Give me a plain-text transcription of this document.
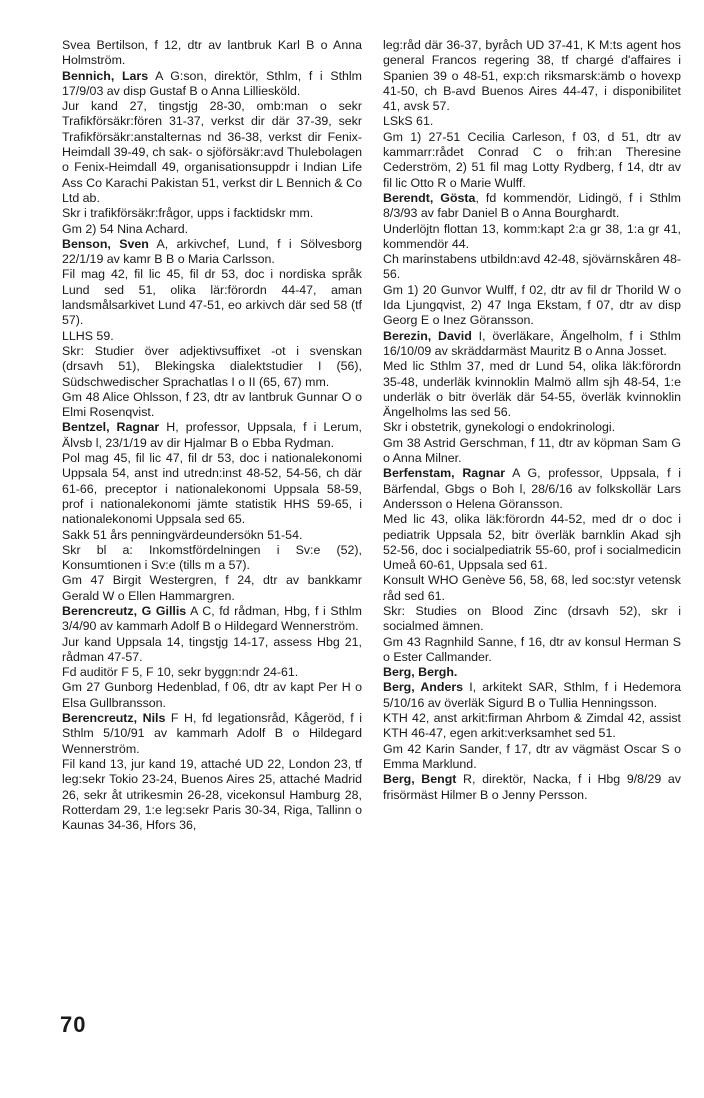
Svea Bertilson, f 12, dtr av lantbruk Karl B o Anna Holmström.

Bennich, Lars A G:son, direktör, Sthlm, f i Sthlm 17/9/03 av disp Gustaf B o Anna Lilliesköld.

Jur kand 27, tingstjg 28-30, omb:man o sekr Trafikförsäkr:fören 31-37, verkst dir där 37-39, sekr Trafikförsäkr:anstalternas nd 36-38, verkst dir Fenix-Heimdall 39-49, ch sak- o sjöförsäkr:avd Thulebolagen o Fenix-Heimdall 49, organisationsuppdr i Indian Life Ass Co Karachi Pakistan 51, verkst dir L Bennich & Co Ltd ab.

Skr i trafikförsäkr:frågor, upps i facktidskr mm.

Gm 2) 54 Nina Achard.

Benson, Sven A, arkivchef, Lund, f i Sölvesborg 22/1/19 av kamr B B o Maria Carlsson.

Fil mag 42, fil lic 45, fil dr 53, doc i nordiska språk Lund sed 51, olika lär:förordn 44-47, aman landsmålsarkivet Lund 47-51, eo arkivch där sed 58 (tf 57).

LLHS 59.

Skr: Studier över adjektivsuffixet -ot i svenskan (drsavh 51), Blekingska dialektstudier I (56), Südschwedischer Sprachatlas I o II (65, 67) mm.

Gm 48 Alice Ohlsson, f 23, dtr av lantbruk Gunnar O o Elmi Rosenqvist.

Bentzel, Ragnar H, professor, Uppsala, f i Lerum, Älvsb l, 23/1/19 av dir Hjalmar B o Ebba Rydman.

Pol mag 45, fil lic 47, fil dr 53, doc i nationalekonomi Uppsala 54, anst ind utredn:inst 48-52, 54-56, ch där 61-66, preceptor i nationalekonomi Uppsala 58-59, prof i nationalekonomi jämte statistik HHS 59-65, i nationalekonomi Uppsala sed 65.

Sakk 51 års penningvärdeundersökn 51-54.

Skr bl a: Inkomstfördelningen i Sv:e (52), Konsumtionen i Sv:e (tills m a 57).

Gm 47 Birgit Westergren, f 24, dtr av bankkamr Gerald W o Ellen Hammargren.

Berencreutz, G Gillis A C, fd rådman, Hbg, f i Sthlm 3/4/90 av kammarh Adolf B o Hildegard Wennerström.

Jur kand Uppsala 14, tingstjg 14-17, assess Hbg 21, rådman 47-57.

Fd auditör F 5, F 10, sekr byggn:ndr 24-61.

Gm 27 Gunborg Hedenblad, f 06, dtr av kapt Per H o Elsa Gullbransson.

Berencreutz, Nils F H, fd legationsråd, Kågeröd, f i Sthlm 5/10/91 av kammarh Adolf B o Hildegard Wennerström.

Fil kand 13, jur kand 19, attaché UD 22, London 23, tf leg:sekr Tokio 23-24, Buenos Aires 25, attaché Madrid 26, sekr åt utrikesmin 26-28, vicekonsul Hamburg 28, Rotterdam 29, 1:e leg:sekr Paris 30-34, Riga, Tallinn o Kaunas 34-36, Hfors 36,

leg:råd där 36-37, byråch UD 37-41, K M:ts agent hos general Francos regering 38, tf chargé d'affaires i Spanien 39 o 48-51, exp:ch riksmarsk:ämb o hovexp 41-50, ch B-avd Buenos Aires 44-47, i disponibilitet 41, avsk 57.

LSkS 61.

Gm 1) 27-51 Cecilia Carleson, f 03, d 51, dtr av kammarr:rådet Conrad C o frih:an Theresine Cederström, 2) 51 fil mag Lotty Rydberg, f 14, dtr av fil lic Otto R o Marie Wulff.

Berendt, Gösta, fd kommendör, Lidingö, f i Sthlm 8/3/93 av fabr Daniel B o Anna Bourghardt.

Underlöjtn flottan 13, komm:kapt 2:a gr 38, 1:a gr 41, kommendör 44.

Ch marinstabens utbildn:avd 42-48, sjövärnskåren 48-56.

Gm 1) 20 Gunvor Wulff, f 02, dtr av fil dr Thorild W o Ida Ljungqvist, 2) 47 Inga Ekstam, f 07, dtr av disp Georg E o Inez Göransson.

Berezin, David I, överläkare, Ängelholm, f i Sthlm 16/10/09 av skräddarmäst Mauritz B o Anna Josset.

Med lic Sthlm 37, med dr Lund 54, olika läk:förordn 35-48, underläk kvinnoklin Malmö allm sjh 48-54, 1:e underläk o bitr överläk där 54-55, överläk kvinnoklin Ängelholms las sed 56.

Skr i obstetrik, gynekologi o endokrinologi.

Gm 38 Astrid Gerschman, f 11, dtr av köpman Sam G o Anna Milner.

Berfenstam, Ragnar A G, professor, Uppsala, f i Bärfendal, Gbgs o Boh l, 28/6/16 av folkskollär Lars Andersson o Helena Göransson.

Med lic 43, olika läk:förordn 44-52, med dr o doc i pediatrik Uppsala 52, bitr överläk barnklin Akad sjh 52-56, doc i socialpediatrik 55-60, prof i socialmedicin Umeå 60-61, Uppsala sed 61.

Konsult WHO Genève 56, 58, 68, led soc:styr vetensk råd sed 61.

Skr: Studies on Blood Zinc (drsavh 52), skr i socialmed ämnen.

Gm 43 Ragnhild Sanne, f 16, dtr av konsul Herman S o Ester Callmander.

Berg, Bergh.

Berg, Anders I, arkitekt SAR, Sthlm, f i Hedemora 5/10/16 av överläk Sigurd B o Tullia Henningsson.

KTH 42, anst arkit:firman Ahrbom & Zimdal 42, assist KTH 46-47, egen arkit:verksamhet sed 51.

Gm 42 Karin Sander, f 17, dtr av vägmäst Oscar S o Emma Marklund.

Berg, Bengt R, direktör, Nacka, f i Hbg 9/8/29 av frisörmäst Hilmer B o Jenny Persson.

70
